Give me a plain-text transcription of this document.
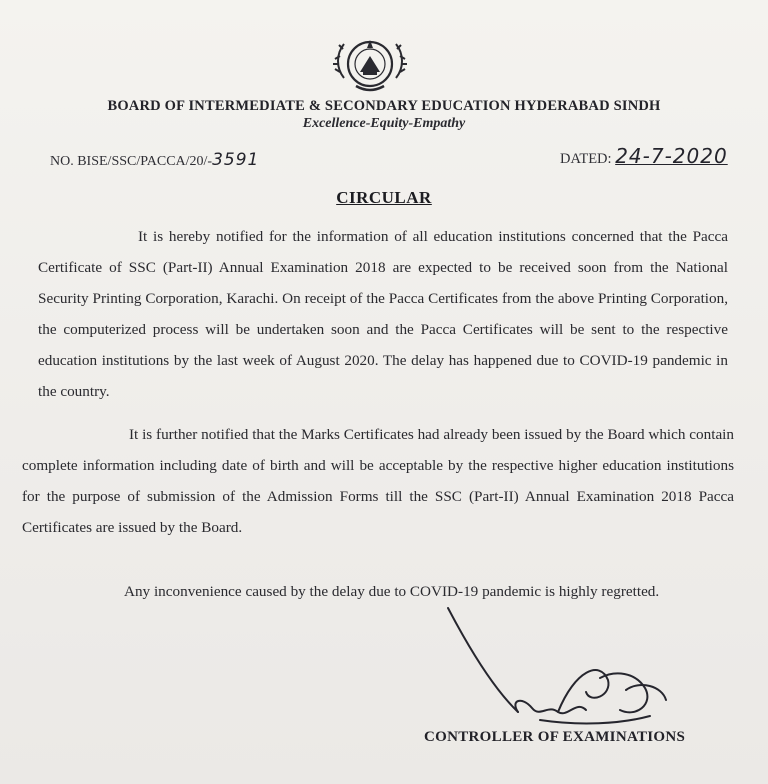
BOARD OF INTERMEDIATE & SECONDARY EDUCATION HYDERABAD SINDH
Excellence-Equity-Empathy
NO. BISE/SSC/PACCA/20/-3591	DATED: 24-7-2020
CIRCULAR

It is hereby notified for the information of all education institutions concerned that the Pacca Certificate of SSC (Part-II) Annual Examination 2018 are expected to be received soon from the National Security Printing Corporation, Karachi. On receipt of the Pacca Certificates from the above Printing Corporation, the computerized process will be undertaken soon and the Pacca Certificates will be sent to the respective education institutions by the last week of August 2020. The delay has happened due to COVID-19 pandemic in the country.

It is further notified that the Marks Certificates had already been issued by the Board which contain complete information including date of birth and will be acceptable by the respective higher education institutions for the purpose of submission of the Admission Forms till the SSC (Part-II) Annual Examination 2018 Pacca Certificates are issued by the Board.

Any inconvenience caused by the delay due to COVID-19 pandemic is highly regretted.

CONTROLLER OF EXAMINATIONS
